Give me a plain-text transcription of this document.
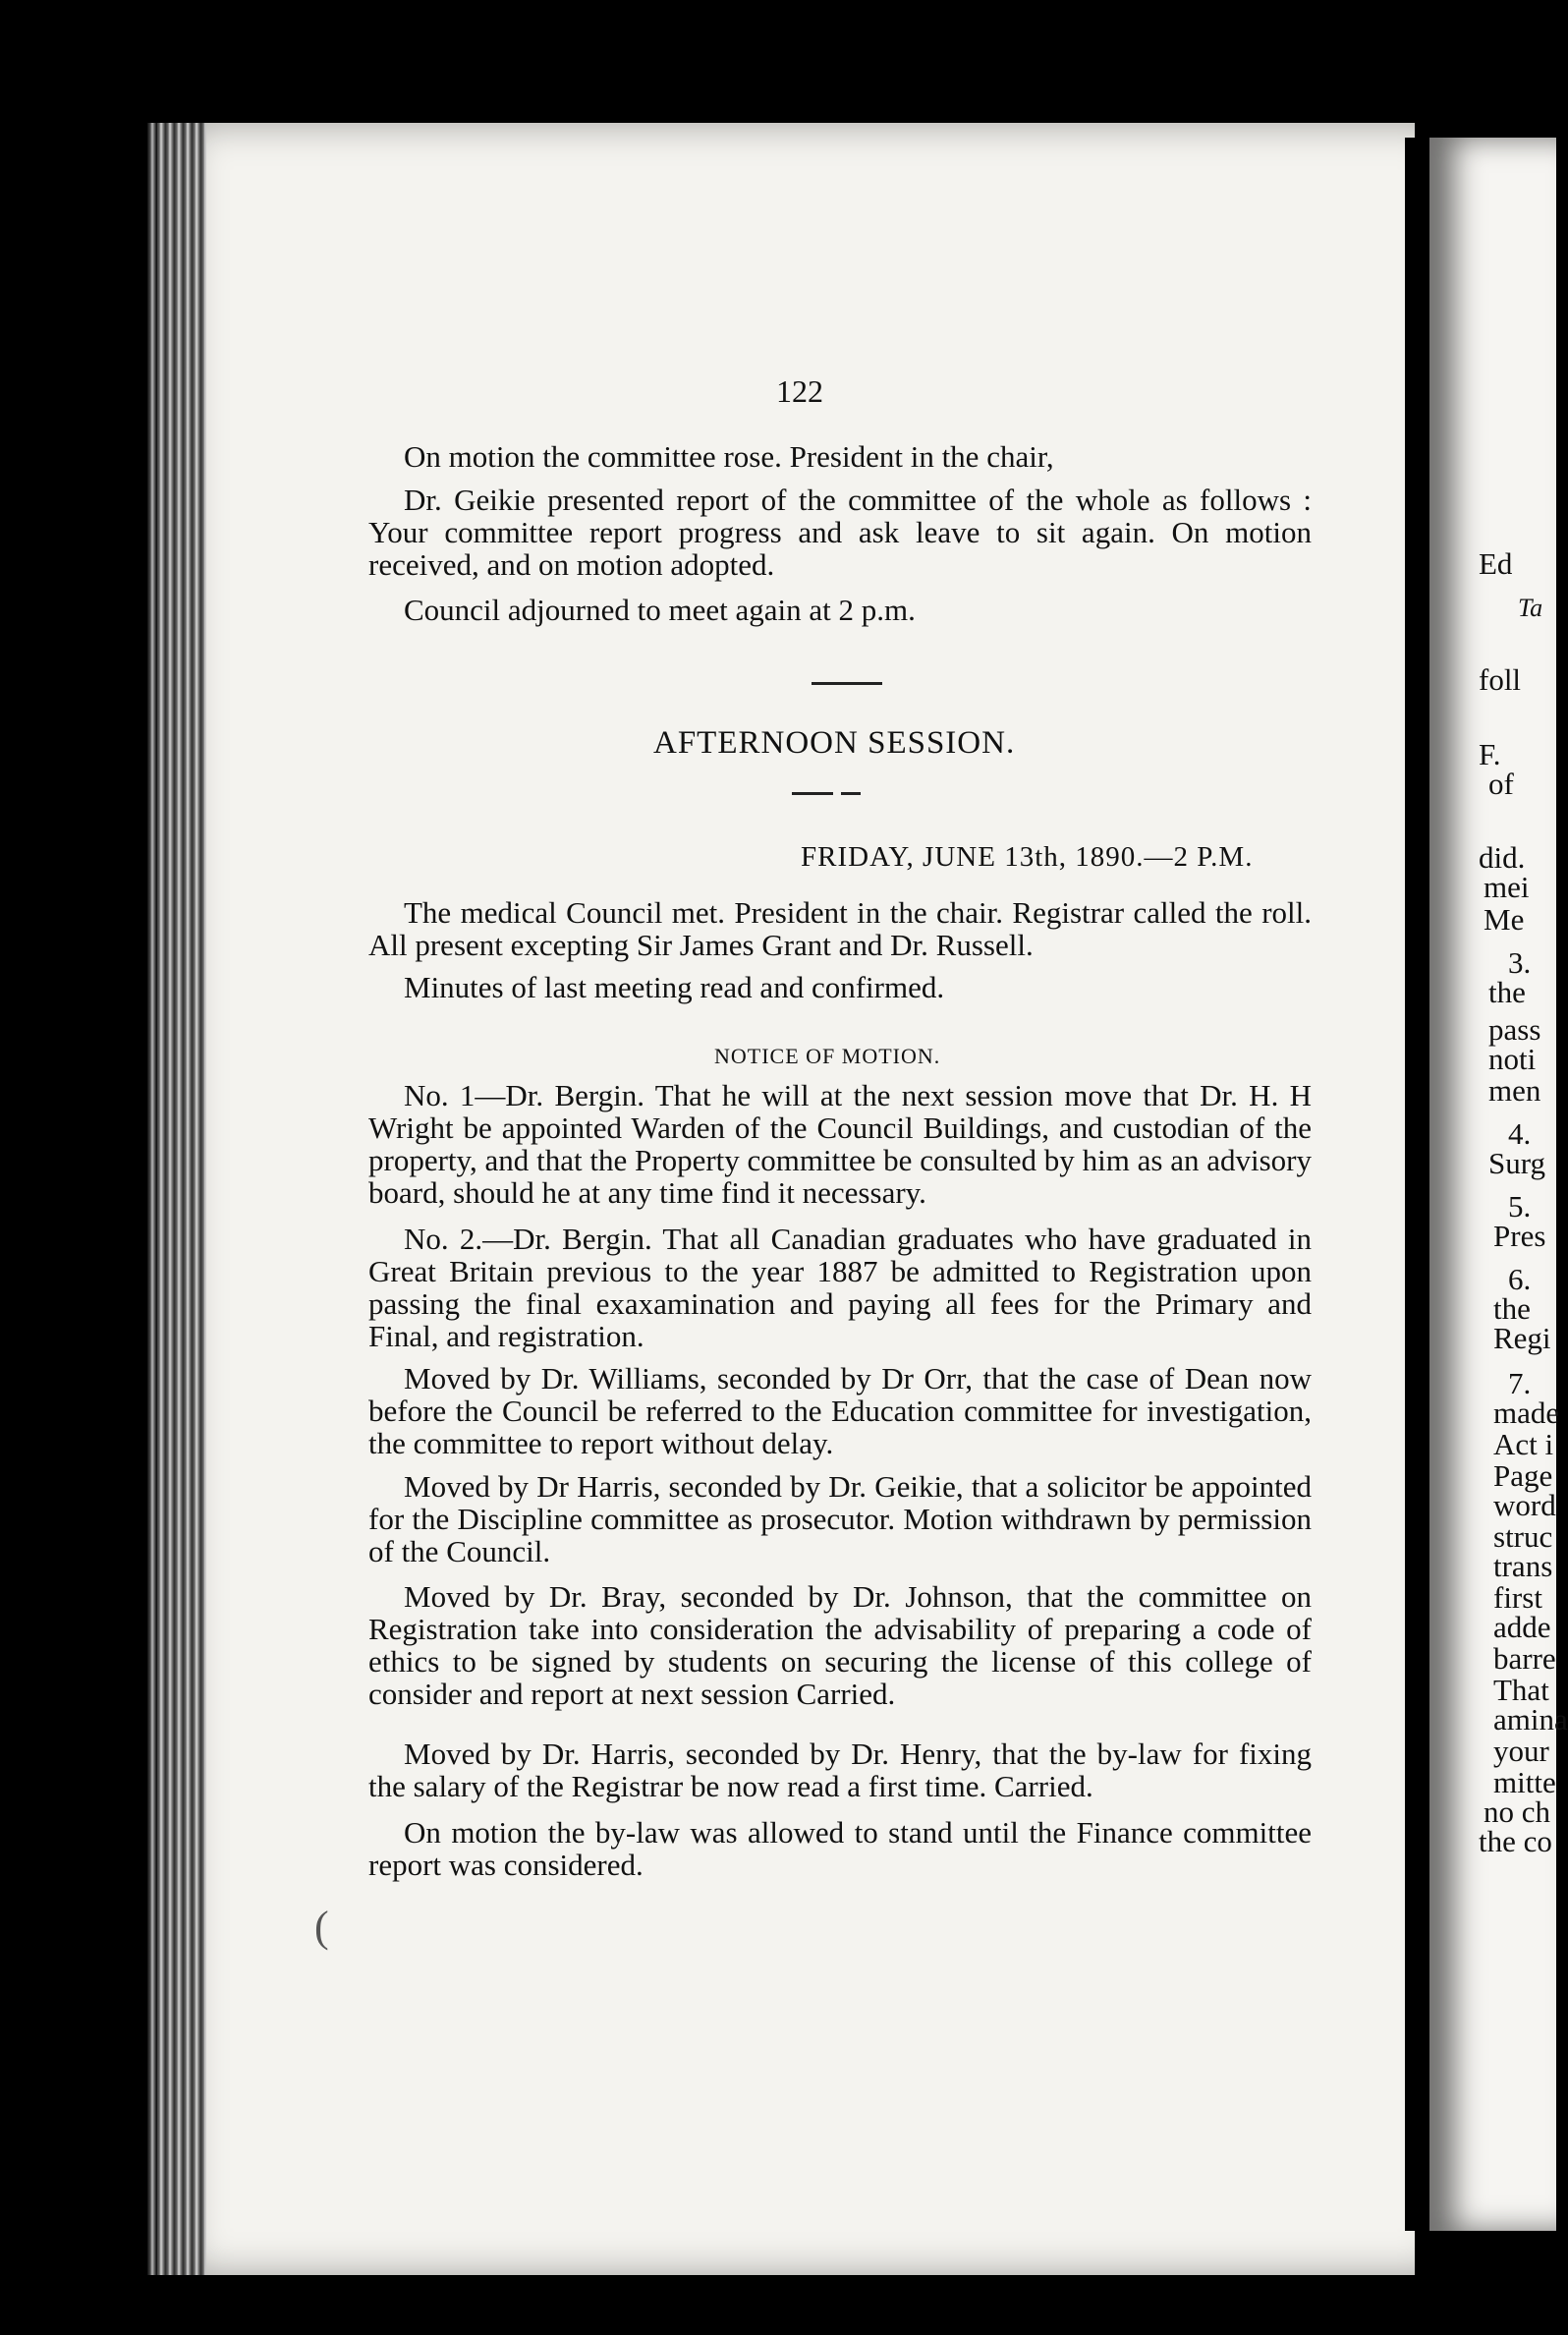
122
On motion the committee rose. President in the chair,
Dr. Geikie presented report of the committee of the whole as follows : Your committee report progress and ask leave to sit again. On motion received, and on motion adopted.
Council adjourned to meet again at 2 p.m.
AFTERNOON SESSION.
FRIDAY, JUNE 13th, 1890.—2 P.M.
The medical Council met. President in the chair. Registrar called the roll. All present excepting Sir James Grant and Dr. Russell.
Minutes of last meeting read and confirmed.
NOTICE OF MOTION.
No. 1—Dr. Bergin. That he will at the next session move that Dr. H. H Wright be appointed Warden of the Council Buildings, and custodian of the property, and that the Property committee be consulted by him as an advisory board, should he at any time find it necessary.
No. 2.—Dr. Bergin. That all Canadian graduates who have graduated in Great Britain previous to the year 1887 be admitted to Registration upon passing the final exaxamination and paying all fees for the Primary and Final, and registration.
Moved by Dr. Williams, seconded by Dr Orr, that the case of Dean now before the Council be referred to the Education committee for investigation, the committee to report without delay.
Moved by Dr Harris, seconded by Dr. Geikie, that a solicitor be appointed for the Discipline committee as prosecutor. Motion withdrawn by permission of the Council.
Moved by Dr. Bray, seconded by Dr. Johnson, that the committee on Registration take into consideration the advisability of preparing a code of ethics to be signed by students on securing the license of this college of consider and report at next session Carried.
Moved by Dr. Harris, seconded by Dr. Henry, that the by-law for fixing the salary of the Registrar be now read a first time. Carried.
On motion the by-law was allowed to stand until the Finance committee report was considered.
(
Ed
Ta
foll
F.
of
did.
mei
Me
3.
the
pass
noti
men
4.
Surg
5.
Pres
6.
the
Regi
7.
made
Act i
Page
word
struc
trans
first
adde
barre
That
amina
your
mitte
no ch
the co
